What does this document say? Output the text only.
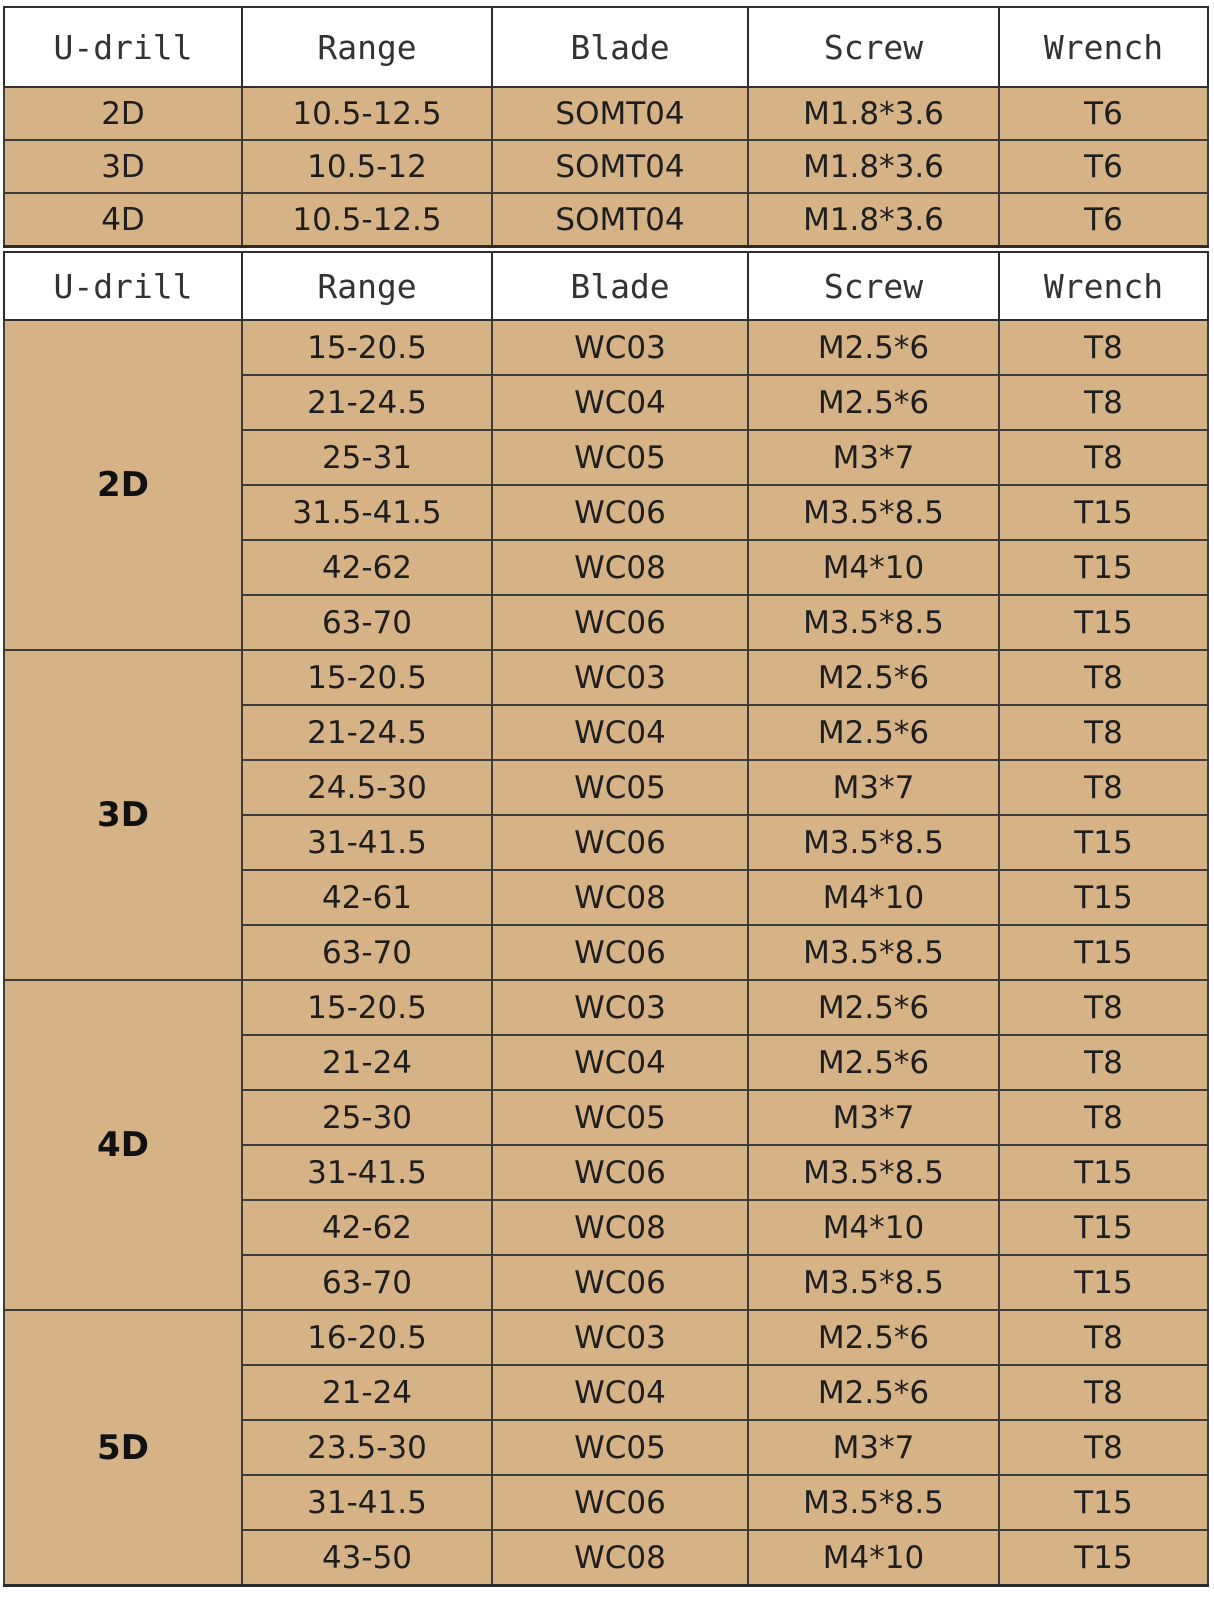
U-drill	Range	Blade	Screw	Wrench
2D	10.5-12.5	SOMT04	M1.8*3.6	T6
3D	10.5-12	SOMT04	M1.8*3.6	T6
4D	10.5-12.5	SOMT04	M1.8*3.6	T6
U-drill	Range	Blade	Screw	Wrench
2D	15-20.5	WC03	M2.5*6	T8
	21-24.5	WC04	M2.5*6	T8
	25-31	WC05	M3*7	T8
	31.5-41.5	WC06	M3.5*8.5	T15
	42-62	WC08	M4*10	T15
	63-70	WC06	M3.5*8.5	T15
3D	15-20.5	WC03	M2.5*6	T8
	21-24.5	WC04	M2.5*6	T8
	24.5-30	WC05	M3*7	T8
	31-41.5	WC06	M3.5*8.5	T15
	42-61	WC08	M4*10	T15
	63-70	WC06	M3.5*8.5	T15
4D	15-20.5	WC03	M2.5*6	T8
	21-24	WC04	M2.5*6	T8
	25-30	WC05	M3*7	T8
	31-41.5	WC06	M3.5*8.5	T15
	42-62	WC08	M4*10	T15
	63-70	WC06	M3.5*8.5	T15
5D	16-20.5	WC03	M2.5*6	T8
	21-24	WC04	M2.5*6	T8
	23.5-30	WC05	M3*7	T8
	31-41.5	WC06	M3.5*8.5	T15
	43-50	WC08	M4*10	T15
